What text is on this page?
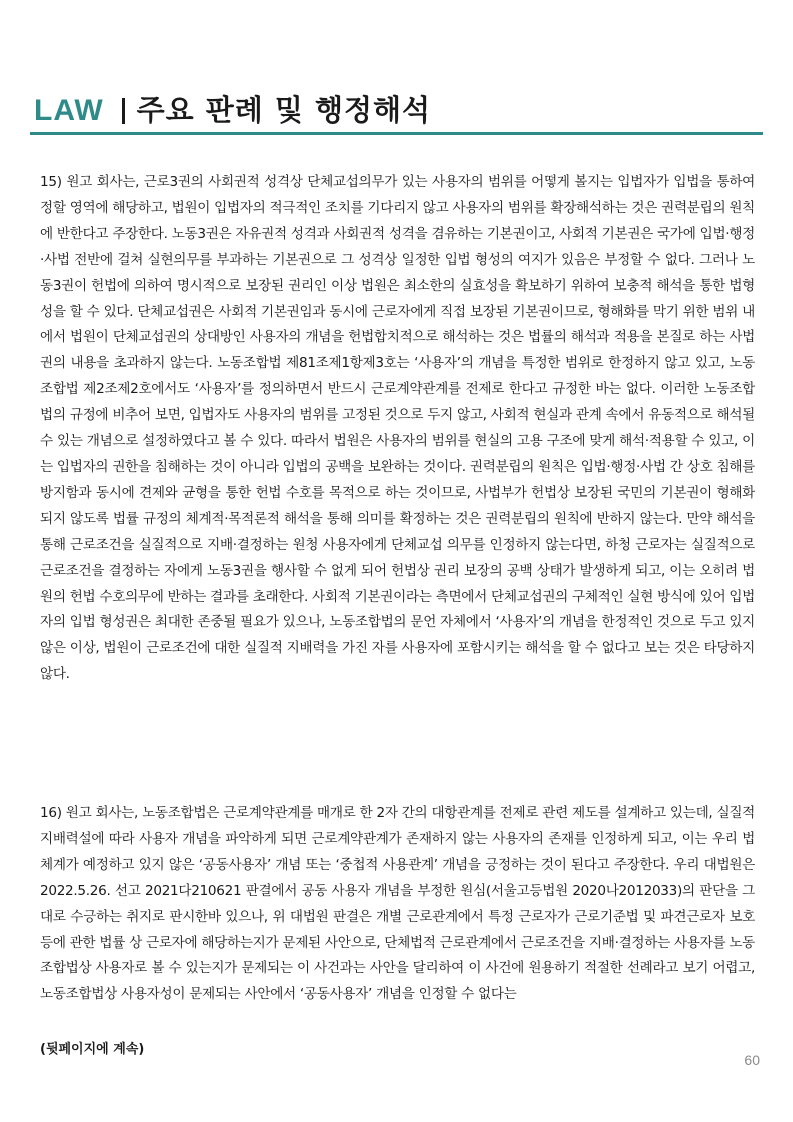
LAW 주요 판례 및 행정해석

15) 원고 회사는, 근로3권의 사회권적 성격상 단체교섭의무가 있는 사용자의 범위를 어떻게 볼지는 입법자가 입법을 통하여 정할 영역에 해당하고, 법원이 입법자의 적극적인 조치를 기다리지 않고 사용자의 범위를 확장해석하는 것은 권력분립의 원칙에 반한다고 주장한다. 노동3권은 자유권적 성격과 사회권적 성격을 겸유하는 기본권이고, 사회적 기본권은 국가에 입법·행정·사법 전반에 걸쳐 실현의무를 부과하는 기본권으로 그 성격상 일정한 입법 형성의 여지가 있음은 부정할 수 없다. 그러나 노동3권이 헌법에 의하여 명시적으로 보장된 권리인 이상 법원은 최소한의 실효성을 확보하기 위하여 보충적 해석을 통한 법형성을 할 수 있다. 단체교섭권은 사회적 기본권임과 동시에 근로자에게 직접 보장된 기본권이므로, 형해화를 막기 위한 범위 내에서 법원이 단체교섭권의 상대방인 사용자의 개념을 헌법합치적으로 해석하는 것은 법률의 해석과 적용을 본질로 하는 사법권의 내용을 초과하지 않는다. 노동조합법 제81조제1항제3호는 ‘사용자’의 개념을 특정한 범위로 한정하지 않고 있고, 노동조합법 제2조제2호에서도 ‘사용자’를 정의하면서 반드시 근로계약관계를 전제로 한다고 규정한 바는 없다. 이러한 노동조합법의 규정에 비추어 보면, 입법자도 사용자의 범위를 고정된 것으로 두지 않고, 사회적 현실과 관계 속에서 유동적으로 해석될 수 있는 개념으로 설정하였다고 볼 수 있다. 따라서 법원은 사용자의 범위를 현실의 고용 구조에 맞게 해석·적용할 수 있고, 이는 입법자의 권한을 침해하는 것이 아니라 입법의 공백을 보완하는 것이다. 권력분립의 원칙은 입법·행정·사법 간 상호 침해를 방지함과 동시에 견제와 균형을 통한 헌법 수호를 목적으로 하는 것이므로, 사법부가 헌법상 보장된 국민의 기본권이 형해화되지 않도록 법률 규정의 체계적·목적론적 해석을 통해 의미를 확정하는 것은 권력분립의 원칙에 반하지 않는다. 만약 해석을 통해 근로조건을 실질적으로 지배·결정하는 원청 사용자에게 단체교섭 의무를 인정하지 않는다면, 하청 근로자는 실질적으로 근로조건을 결정하는 자에게 노동3권을 행사할 수 없게 되어 헌법상 권리 보장의 공백 상태가 발생하게 되고, 이는 오히려 법원의 헌법 수호의무에 반하는 결과를 초래한다. 사회적 기본권이라는 측면에서 단체교섭권의 구체적인 실현 방식에 있어 입법자의 입법 형성권은 최대한 존중될 필요가 있으나, 노동조합법의 문언 자체에서 ‘사용자’의 개념을 한정적인 것으로 두고 있지 않은 이상, 법원이 근로조건에 대한 실질적 지배력을 가진 자를 사용자에 포함시키는 해석을 할 수 없다고 보는 것은 타당하지 않다.

16) 원고 회사는, 노동조합법은 근로계약관계를 매개로 한 2자 간의 대항관계를 전제로 관련 제도를 설계하고 있는데, 실질적 지배력설에 따라 사용자 개념을 파악하게 되면 근로계약관계가 존재하지 않는 사용자의 존재를 인정하게 되고, 이는 우리 법체계가 예정하고 있지 않은 ‘공동사용자’ 개념 또는 ‘중첩적 사용관계’ 개념을 긍정하는 것이 된다고 주장한다. 우리 대법원은 2022.5.26. 선고 2021다210621 판결에서 공동 사용자 개념을 부정한 원심(서울고등법원 2020나2012033)의 판단을 그대로 수긍하는 취지로 판시한바 있으나, 위 대법원 판결은 개별 근로관계에서 특정 근로자가 근로기준법 및 파견근로자 보호 등에 관한 법률 상 근로자에 해당하는지가 문제된 사안으로, 단체법적 근로관계에서 근로조건을 지배·결정하는 사용자를 노동조합법상 사용자로 볼 수 있는지가 문제되는 이 사건과는 사안을 달리하여 이 사건에 원용하기 적절한 선례라고 보기 어렵고, 노동조합법상 사용자성이 문제되는 사안에서 ‘공동사용자’ 개념을 인정할 수 없다는

(뒷페이지에 계속)
60
